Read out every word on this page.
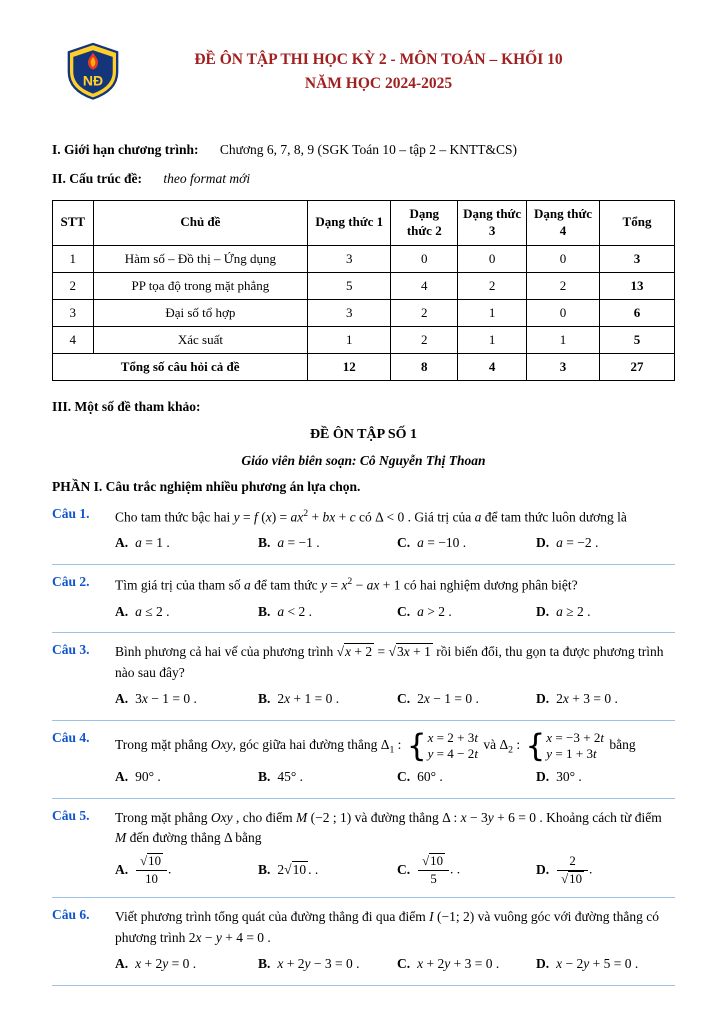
NĐ
ĐỀ ÔN TẬP THI HỌC KỲ 2 - MÔN TOÁN – KHỐI 10
NĂM HỌC 2024-2025
I. Giới hạn chương trình: Chương 6, 7, 8, 9 (SGK Toán 10 – tập 2 – KNTT&CS)
II. Cấu trúc đề: theo format mới
STT	Chủ đề	Dạng thức 1	Dạng thức 2	Dạng thức 3	Dạng thức 4	Tổng
1	Hàm số – Đồ thị – Ứng dụng	3	0	0	0	3
2	PP tọa độ trong mặt phẳng	5	4	2	2	13
3	Đại số tổ hợp	3	2	1	0	6
4	Xác suất	1	2	1	1	5
Tổng số câu hỏi cả đề		12	8	4	3	27
III. Một số đề tham khảo:
ĐỀ ÔN TẬP SỐ 1
Giáo viên biên soạn: Cô Nguyễn Thị Thoan
PHẦN I. Câu trắc nghiệm nhiều phương án lựa chọn.
Câu 1.	Cho tam thức bậc hai y = f $(x) = ax^2$ + bx + c có Δ < 0 . Giá trị của a để tam thức luôn dương là
A. a = 1 .	B. a = −1 .	C. a = −10 .	D. a = −2 .
Câu 2.	Tìm giá trị của tham số a để tam thức $y = x^2$ − ax + 1 có hai nghiệm dương phân biệt?
A. a ≤ 2 .	B. a < 2 .	C. a > 2 .	D. a ≥ 2 .
Câu 3.	Bình phương cả hai vế của phương trình √x + 2 = √3x + 1 rồi biến đổi, thu gọn ta được phương trình nào sau đây?
A. 3x − 1 = 0 .	B. 2x + 1 = 0 .	C. 2x − 1 = 0 .	D. 2x + 3 = 0 .
Câu 4.	Trong mặt phẳng Oxy, góc giữa hai đường thẳng $\Delta_1$ : { x = 2 + 3t
y = 4 − 2t
và $\Delta_2$ : { x = −3 + 2t
y = 1 + 3t
bằng
A. 90° .	B. 45° .	C. 60° .	D. 30° .
Câu 5.	Trong mặt phẳng Oxy , cho điểm M (−2 ; 1) và đường thẳng Δ : x − 3y + 6 = 0 . Khoảng cách từ điểm M đến đường thẳng Δ bằng
A. $\frac{√10}{10}$ .	B. 2√10 . .	C. $\frac{√10}{5}$ . .	D. $\frac{2}{√10}$ .
Câu 6.	Viết phương trình tổng quát của đường thẳng đi qua điểm I (−1; 2) và vuông góc với đường thẳng có phương trình 2x − y + 4 = 0 .
A. x + 2y = 0 .	B. x + 2y − 3 = 0 .	C. x + 2y + 3 = 0 .	D. x − 2y + 5 = 0 .
